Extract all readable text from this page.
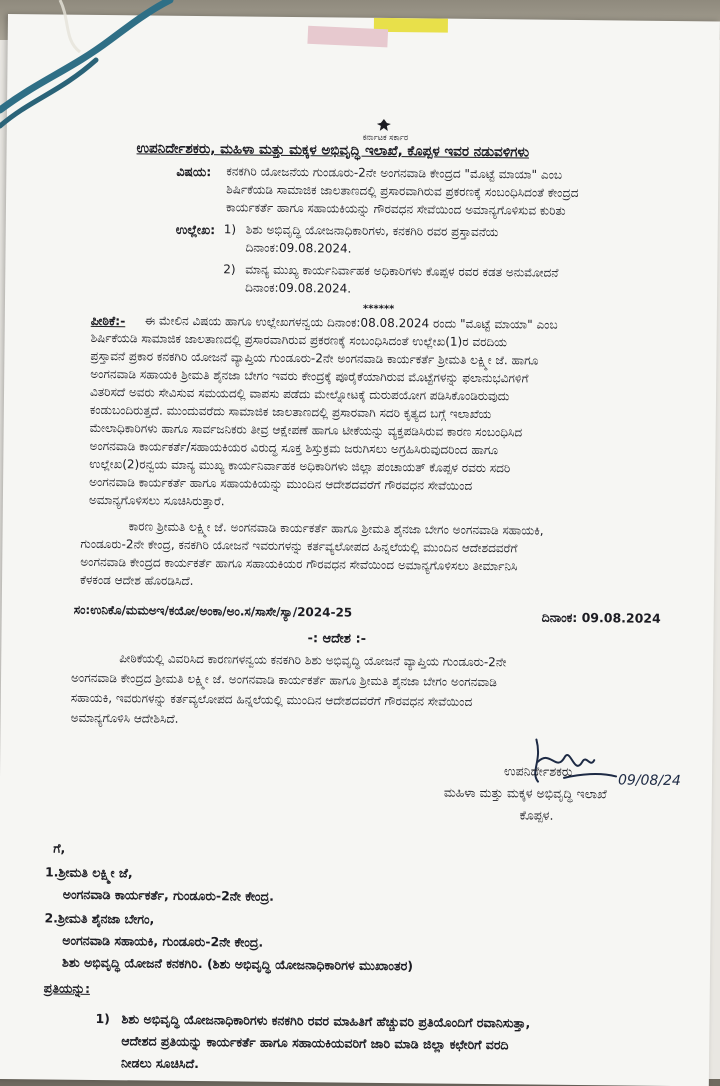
ಕರ್ನಾಟಕ ಸರ್ಕಾರ
ಉಪನಿರ್ದೇಶಕರು, ಮಹಿಳಾ ಮತ್ತು ಮಕ್ಕಳ ಅಭಿವೃದ್ಧಿ ಇಲಾಖೆ, ಕೊಪ್ಪಳ ಇವರ ನಡುವಳಿಗಳು
ವಿಷಯ: ಕನಕಗಿರಿ ಯೋಜನೆಯ ಗುಂಡೂರು-2ನೇ ಅಂಗನವಾಡಿ ಕೇಂದ್ರದ "ಮೊಟ್ಟೆ ಮಾಯಾ" ಎಂಬ
ಶಿರ್ಷಿಕೆಯಡಿ ಸಾಮಾಜಿಕ ಜಾಲತಾಣದಲ್ಲಿ ಪ್ರಸಾರವಾಗಿರುವ ಪ್ರಕರಣಕ್ಕೆ ಸಂಬಂಧಿಸಿದಂತೆ ಕೇಂದ್ರದ
ಕಾರ್ಯಕರ್ತೆ ಹಾಗೂ ಸಹಾಯಕಿಯನ್ನು ಗೌರವಧನ ಸೇವೆಯಿಂದ ಅಮಾನ್ಯಗೊಳಿಸುವ ಕುರಿತು
ಉಲ್ಲೇಖ: 1) ಶಿಶು ಅಭಿವೃದ್ಧಿ ಯೋಜನಾಧಿಕಾರಿಗಳು, ಕನಕಗಿರಿ ರವರ ಪ್ರಸ್ತಾವನೆಯ
ದಿನಾಂಕ:09.08.2024.
2) ಮಾನ್ಯ ಮುಖ್ಯ ಕಾರ್ಯನಿರ್ವಾಹಕ ಅಧಿಕಾರಿಗಳು ಕೊಪ್ಪಳ ರವರ ಕಡತ ಅನುಮೋದನೆ
ದಿನಾಂಕ:09.08.2024.
******
ಪೀಠಿಕೆ:- ಈ ಮೇಲಿನ ವಿಷಯ ಹಾಗೂ ಉಲ್ಲೇಖಗಳನ್ವಯ ದಿನಾಂಕ:08.08.2024 ರಂದು "ಮೊಟ್ಟೆ ಮಾಯಾ" ಎಂಬ
ಶಿರ್ಷಿಕೆಯಡಿ ಸಾಮಾಜಿಕ ಜಾಲತಾಣದಲ್ಲಿ ಪ್ರಸಾರವಾಗಿರುವ ಪ್ರಕರಣಕ್ಕೆ ಸಂಬಂಧಿಸಿದಂತೆ ಉಲ್ಲೇಖ(1)ರ ವರದಿಯ
ಪ್ರಸ್ತಾವನೆ ಪ್ರಕಾರ ಕನಕಗಿರಿ ಯೋಜನೆ ವ್ಯಾಪ್ತಿಯ ಗುಂಡೂರು-2ನೇ ಅಂಗನವಾಡಿ ಕಾರ್ಯಕರ್ತೆ ಶ್ರೀಮತಿ ಲಕ್ಷ್ಮೀ ಜೆ. ಹಾಗೂ
ಅಂಗನವಾಡಿ ಸಹಾಯಕಿ ಶ್ರೀಮತಿ ಶೈನಜಾ ಬೇಗಂ ಇವರು ಕೇಂದ್ರಕ್ಕೆ ಪೂರೈಕೆಯಾಗಿರುವ ಮೊಟ್ಟೆಗಳನ್ನು ಫಲಾನುಭವಿಗಳಿಗೆ
ವಿತರಿಸದೆ ಅವರು ಸೇವಿಸುವ ಸಮಯದಲ್ಲಿ ವಾಪಸು ಪಡೆದು ಮೇಲ್ನೋಟಕ್ಕೆ ದುರುಪಯೋಗ ಪಡಿಸಿಕೊಂಡಿರುವುದು
ಕಂಡುಬಂದಿರುತ್ತದೆ. ಮುಂದುವರೆದು ಸಾಮಾಜಿಕ ಜಾಲತಾಣದಲ್ಲಿ ಪ್ರಸಾರವಾಗಿ ಸದರಿ ಕೃತ್ಯದ ಬಗ್ಗೆ ಇಲಾಖೆಯ
ಮೇಲಾಧಿಕಾರಿಗಳು ಹಾಗೂ ಸಾರ್ವಜನಿಕರು ತೀವ್ರ ಆಕ್ಷೇಪಣೆ ಹಾಗೂ ಟೀಕೆಯನ್ನು ವ್ಯಕ್ತಪಡಿಸಿರುವ ಕಾರಣ ಸಂಬಂಧಿಸಿದ
ಅಂಗನವಾಡಿ ಕಾರ್ಯಕರ್ತೆ/ಸಹಾಯಕಿಯರ ವಿರುದ್ಧ ಸೂಕ್ತ ಶಿಸ್ತುಕ್ರಮ ಜರುಗಿಸಲು ಅಗ್ರಹಿಸಿರುವುದರಿಂದ ಹಾಗೂ
ಉಲ್ಲೇಖ(2)ರನ್ವಯ ಮಾನ್ಯ ಮುಖ್ಯ ಕಾರ್ಯನಿರ್ವಾಹಕ ಅಧಿಕಾರಿಗಳು ಜಿಲ್ಲಾ ಪಂಚಾಯತ್ ಕೊಪ್ಪಳ ರವರು ಸದರಿ
ಅಂಗನವಾಡಿ ಕಾರ್ಯಕರ್ತೆ ಹಾಗೂ ಸಹಾಯಕಿಯನ್ನು ಮುಂದಿನ ಆದೇಶದವರೆಗೆ ಗೌರವಧನ ಸೇವೆಯಿಂದ
ಅಮಾನ್ಯಗೊಳಿಸಲು ಸೂಚಿಸಿರುತ್ತಾರೆ.
ಕಾರಣ ಶ್ರೀಮತಿ ಲಕ್ಷ್ಮೀ ಜೆ. ಅಂಗನವಾಡಿ ಕಾರ್ಯಕರ್ತೆ ಹಾಗೂ ಶ್ರೀಮತಿ ಶೈನಜಾ ಬೇಗಂ ಅಂಗನವಾಡಿ ಸಹಾಯಕಿ,
ಗುಂಡೂರು-2ನೇ ಕೇಂದ್ರ, ಕನಕಗಿರಿ ಯೋಜನೆ ಇವರುಗಳನ್ನು ಕರ್ತವ್ಯಲೋಪದ ಹಿನ್ನಲೆಯಲ್ಲಿ ಮುಂದಿನ ಆದೇಶದವರೆಗೆ
ಅಂಗನವಾಡಿ ಕೇಂದ್ರದ ಕಾರ್ಯಕರ್ತೆ ಹಾಗೂ ಸಹಾಯಕಿಯರ ಗೌರವಧನ ಸೇವೆಯಿಂದ ಅಮಾನ್ಯಗೊಳಿಸಲು ತೀರ್ಮಾನಿಸಿ
ಕೆಳಕಂಡ ಆದೇಶ ಹೊರಡಿಸಿದೆ.
ಸಂ:ಉನಿಕೊ/ಮಮಅಇ/ಕಯೋ/ಅಂಕಾ/ಅಂ.ಸ/ಸಾಸೇ/ಸ್ಯಾ/2024-25	ದಿನಾಂಕ: 09.08.2024
-: ಆದೇಶ :-
ಪೀಠಿಕೆಯಲ್ಲಿ ವಿವರಿಸಿದ ಕಾರಣಗಳನ್ವಯ ಕನಕಗಿರಿ ಶಿಶು ಅಭಿವೃದ್ಧಿ ಯೋಜನೆ ವ್ಯಾಪ್ತಿಯ ಗುಂಡೂರು-2ನೇ
ಅಂಗನವಾಡಿ ಕೇಂದ್ರದ ಶ್ರೀಮತಿ ಲಕ್ಷ್ಮೀ ಜೆ. ಅಂಗನವಾಡಿ ಕಾರ್ಯಕರ್ತೆ ಹಾಗೂ ಶ್ರೀಮತಿ ಶೈನಜಾ ಬೇಗಂ ಅಂಗನವಾಡಿ
ಸಹಾಯಕಿ, ಇವರುಗಳನ್ನು ಕರ್ತವ್ಯಲೋಪದ ಹಿನ್ನಲೆಯಲ್ಲಿ ಮುಂದಿನ ಆದೇಶದವರೆಗೆ ಗೌರವಧನ ಸೇವೆಯಿಂದ
ಅಮಾನ್ಯಗೊಳಿಸಿ ಆದೇಶಿಸಿದೆ.
09/08/24
ಉಪನಿರ್ದೇಶಕರು
ಮಹಿಳಾ ಮತ್ತು ಮಕ್ಕಳ ಅಭಿವೃದ್ಧಿ ಇಲಾಖೆ
ಕೊಪ್ಪಳ.
ಗೆ,
1.ಶ್ರೀಮತಿ ಲಕ್ಷ್ಮೀ ಜೆ,
ಅಂಗನವಾಡಿ ಕಾರ್ಯಕರ್ತೆ, ಗುಂಡೂರು-2ನೇ ಕೇಂದ್ರ.
2.ಶ್ರೀಮತಿ ಶೈನಜಾ ಬೇಗಂ,
ಅಂಗನವಾಡಿ ಸಹಾಯಕಿ, ಗುಂಡೂರು-2ನೇ ಕೇಂದ್ರ.
ಶಿಶು ಅಭಿವೃದ್ಧಿ ಯೋಜನೆ ಕನಕಗಿರಿ. (ಶಿಶು ಅಭಿವೃದ್ಧಿ ಯೋಜನಾಧಿಕಾರಿಗಳ ಮುಖಾಂತರ)
ಪ್ರತಿಯನ್ನು:
1) ಶಿಶು ಅಭಿವೃದ್ಧಿ ಯೋಜನಾಧಿಕಾರಿಗಳು ಕನಕಗಿರಿ ರವರ ಮಾಹಿತಿಗೆ ಹೆಚ್ಚುವರಿ ಪ್ರತಿಯೊಂದಿಗೆ ರವಾನಿಸುತ್ತಾ,
ಆದೇಶದ ಪ್ರತಿಯನ್ನು ಕಾರ್ಯಕರ್ತೆ ಹಾಗೂ ಸಹಾಯಕಿಯವರಿಗೆ ಜಾರಿ ಮಾಡಿ ಜಿಲ್ಲಾ ಕಛೇರಿಗೆ ವರದಿ
ನೀಡಲು ಸೂಚಿಸಿದೆ.
